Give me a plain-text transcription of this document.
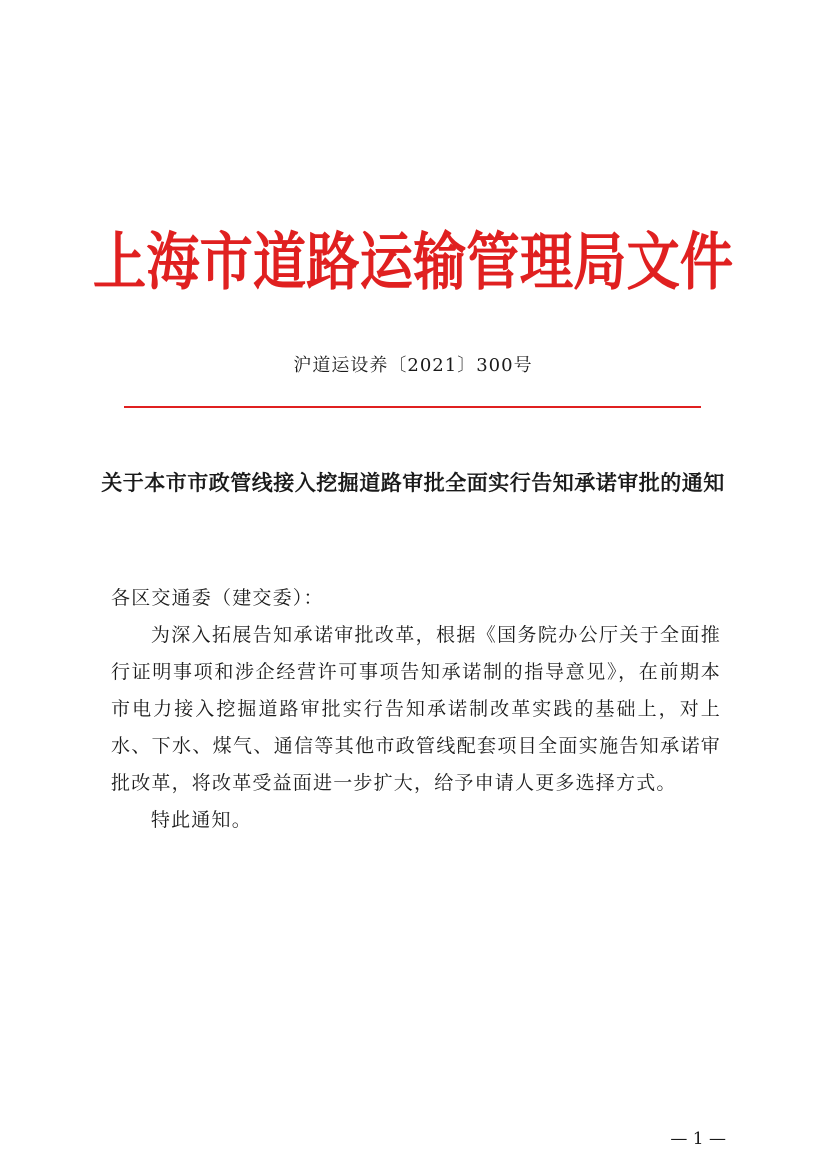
上海市道路运输管理局文件
沪道运设养〔2021〕300号
关于本市市政管线接入挖掘道路审批全面实行告知承诺审批的通知

各区交通委（建交委）：

为深入拓展告知承诺审批改革，根据《国务院办公厅关于全面推行证明事项和涉企经营许可事项告知承诺制的指导意见》，在前期本市电力接入挖掘道路审批实行告知承诺制改革实践的基础上，对上水、下水、煤气、通信等其他市政管线配套项目全面实施告知承诺审批改革，将改革受益面进一步扩大，给予申请人更多选择方式。

特此通知。

— 1 —
